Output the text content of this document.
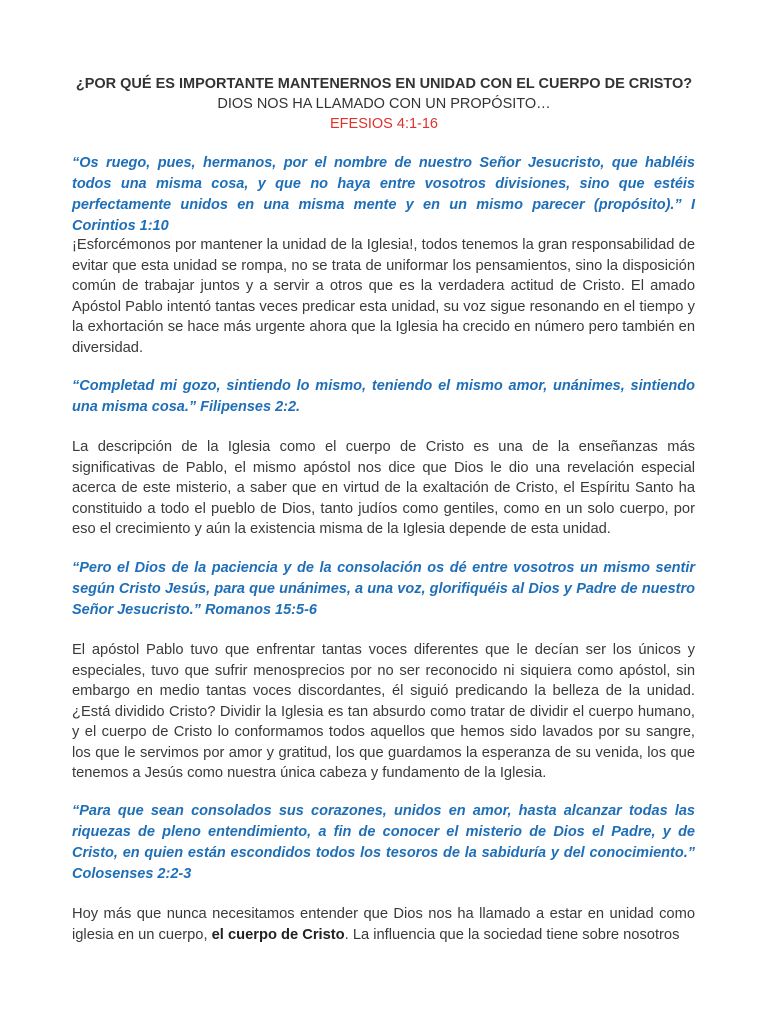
¿POR QUÉ ES IMPORTANTE MANTENERNOS EN UNIDAD CON EL CUERPO DE CRISTO?
DIOS NOS HA LLAMADO CON UN PROPÓSITO…
EFESIOS 4:1-16
“Os ruego, pues, hermanos, por el nombre de nuestro Señor Jesucristo, que habléis todos una misma cosa, y que no haya entre vosotros divisiones, sino que estéis perfectamente unidos en una misma mente y en un mismo parecer (propósito).” I Corintios 1:10
¡Esforcémonos por mantener la unidad de la Iglesia!, todos tenemos la gran responsabilidad de evitar que esta unidad se rompa, no se trata de uniformar los pensamientos, sino la disposición común de trabajar juntos y a servir a otros que es la verdadera actitud de Cristo. El amado Apóstol Pablo intentó tantas veces predicar esta unidad, su voz sigue resonando en el tiempo y la exhortación se hace más urgente ahora que la Iglesia ha crecido en número pero también en diversidad.
“Completad mi gozo, sintiendo lo mismo, teniendo el mismo amor, unánimes, sintiendo una misma cosa.” Filipenses 2:2.
La descripción de la Iglesia como el cuerpo de Cristo es una de la enseñanzas más significativas de Pablo, el mismo apóstol nos dice que Dios le dio una revelación especial acerca de este misterio, a saber que en virtud de la exaltación de Cristo, el Espíritu Santo ha constituido a todo el pueblo de Dios, tanto judíos como gentiles, como en un solo cuerpo, por eso el crecimiento y aún la existencia misma de la Iglesia depende de esta unidad.
“Pero el Dios de la paciencia y de la consolación os dé entre vosotros un mismo sentir según Cristo Jesús, para que unánimes, a una voz, glorifiquéis al Dios y Padre de nuestro Señor Jesucristo.” Romanos 15:5-6
El apóstol Pablo tuvo que enfrentar tantas voces diferentes que le decían ser los únicos y especiales, tuvo que sufrir menosprecios por no ser reconocido ni siquiera como apóstol, sin embargo en medio tantas voces discordantes, él siguió predicando la belleza de la unidad. ¿Está dividido Cristo? Dividir la Iglesia es tan absurdo como tratar de dividir el cuerpo humano, y el cuerpo de Cristo lo conformamos todos aquellos que hemos sido lavados por su sangre, los que le servimos por amor y gratitud, los que guardamos la esperanza de su venida, los que tenemos a Jesús como nuestra única cabeza y fundamento de la Iglesia.
“Para que sean consolados sus corazones, unidos en amor, hasta alcanzar todas las riquezas de pleno entendimiento, a fin de conocer el misterio de Dios el Padre, y de Cristo, en quien están escondidos todos los tesoros de la sabiduría y del conocimiento.” Colosenses 2:2-3
Hoy más que nunca necesitamos entender que Dios nos ha llamado a estar en unidad como iglesia en un cuerpo, el cuerpo de Cristo. La influencia que la sociedad tiene sobre nosotros
